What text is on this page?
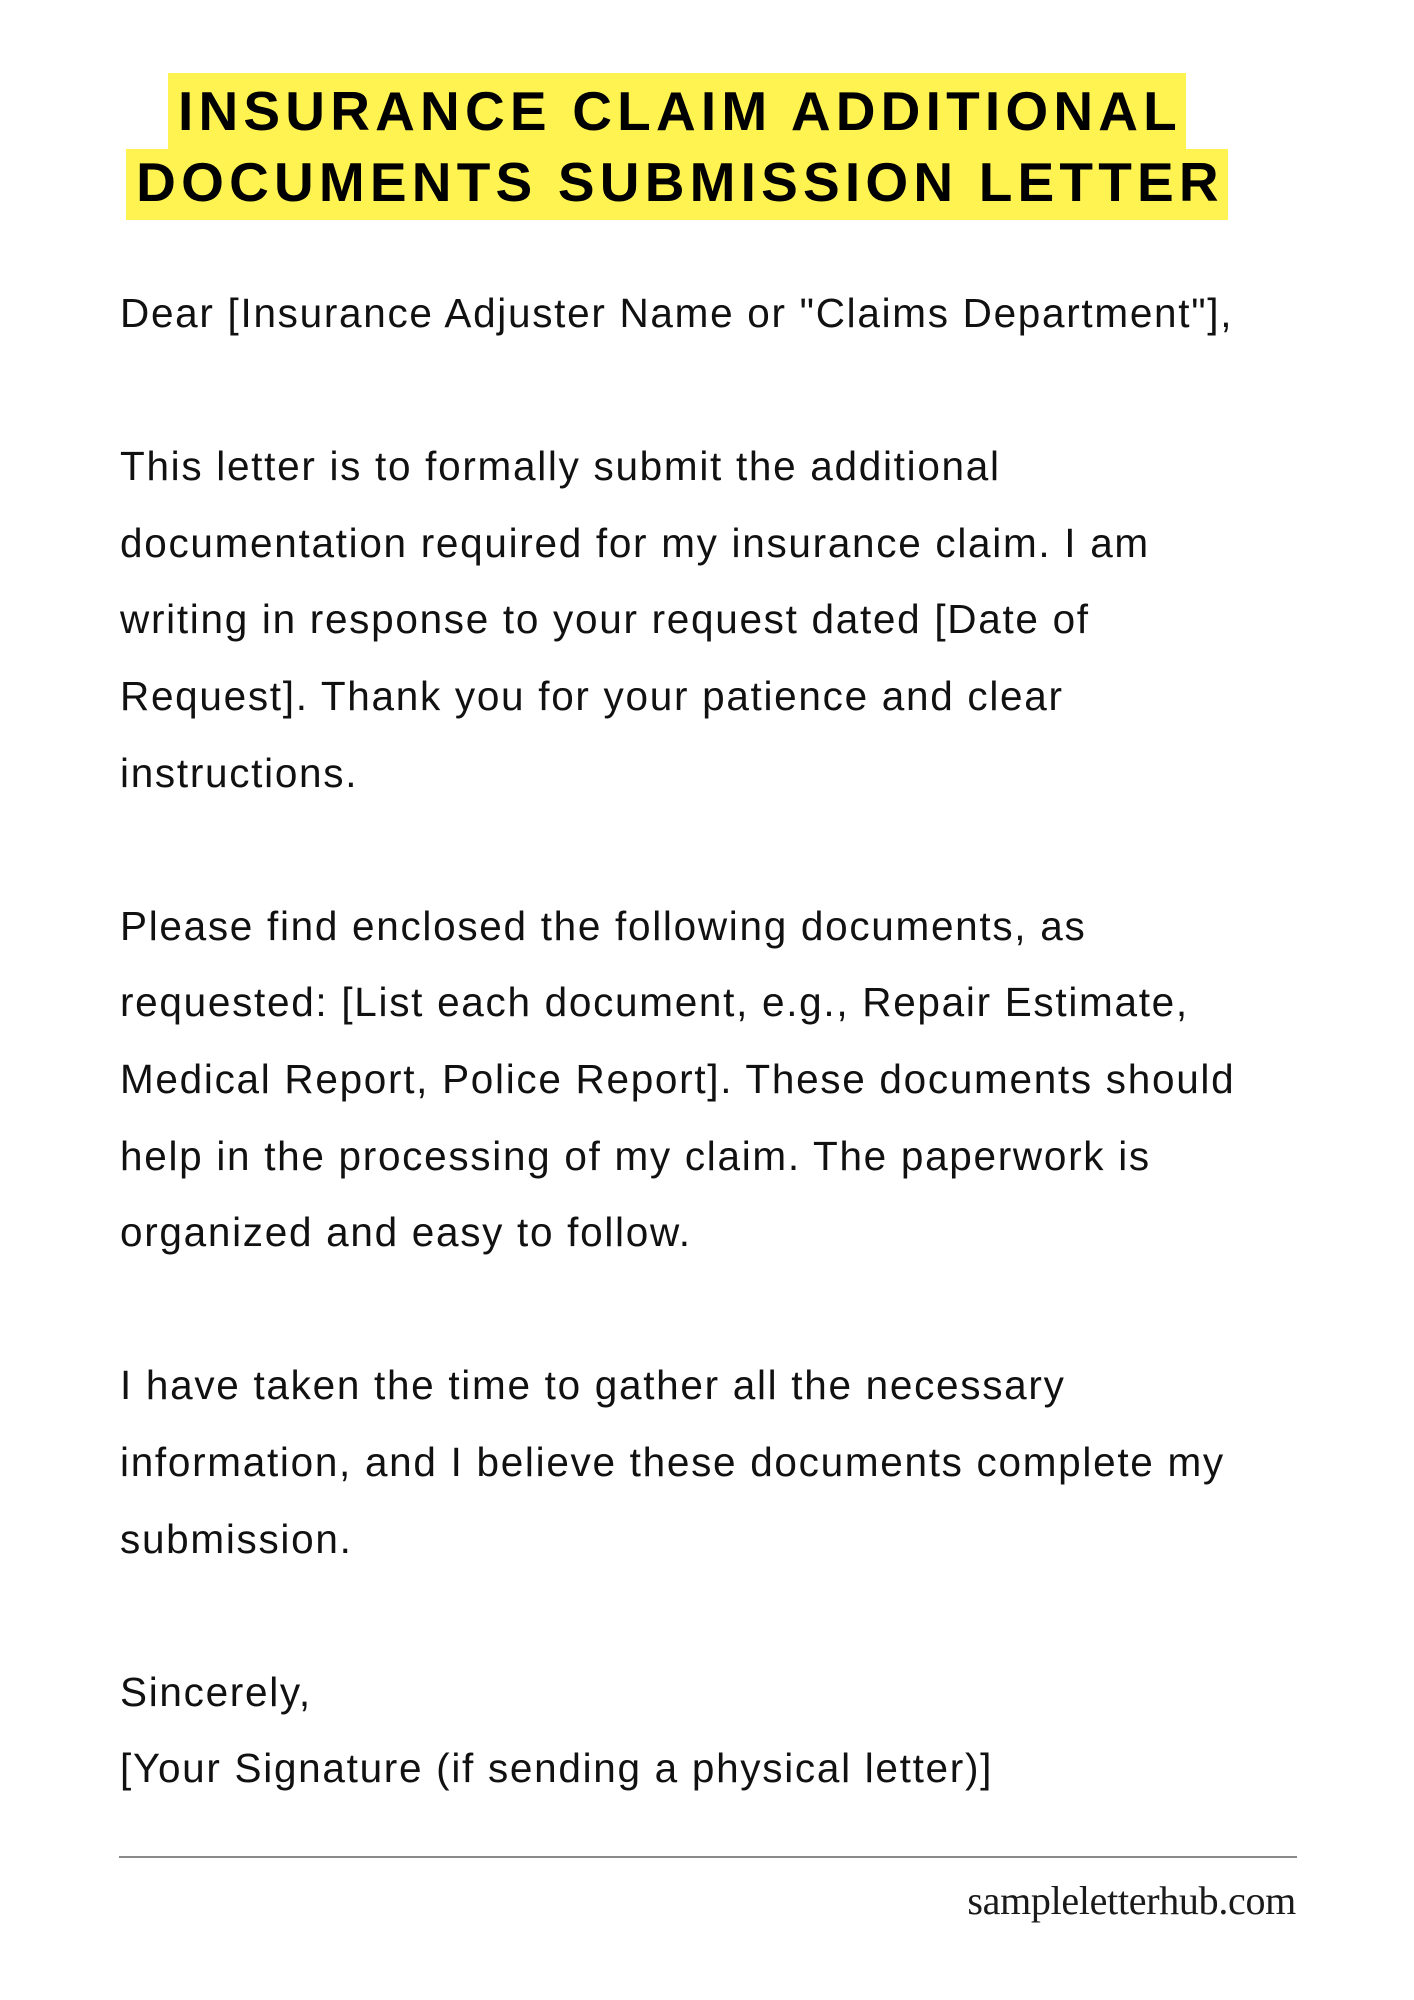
INSURANCE CLAIM ADDITIONAL
DOCUMENTS SUBMISSION LETTER
Dear [Insurance Adjuster Name or "Claims Department"],
This letter is to formally submit the additional
documentation required for my insurance claim. I am
writing in response to your request dated [Date of
Request]. Thank you for your patience and clear
instructions.
Please find enclosed the following documents, as
requested: [List each document, e.g., Repair Estimate,
Medical Report, Police Report]. These documents should
help in the processing of my claim. The paperwork is
organized and easy to follow.
I have taken the time to gather all the necessary
information, and I believe these documents complete my
submission.
Sincerely,
[Your Signature (if sending a physical letter)]
sampleletterhub.com
